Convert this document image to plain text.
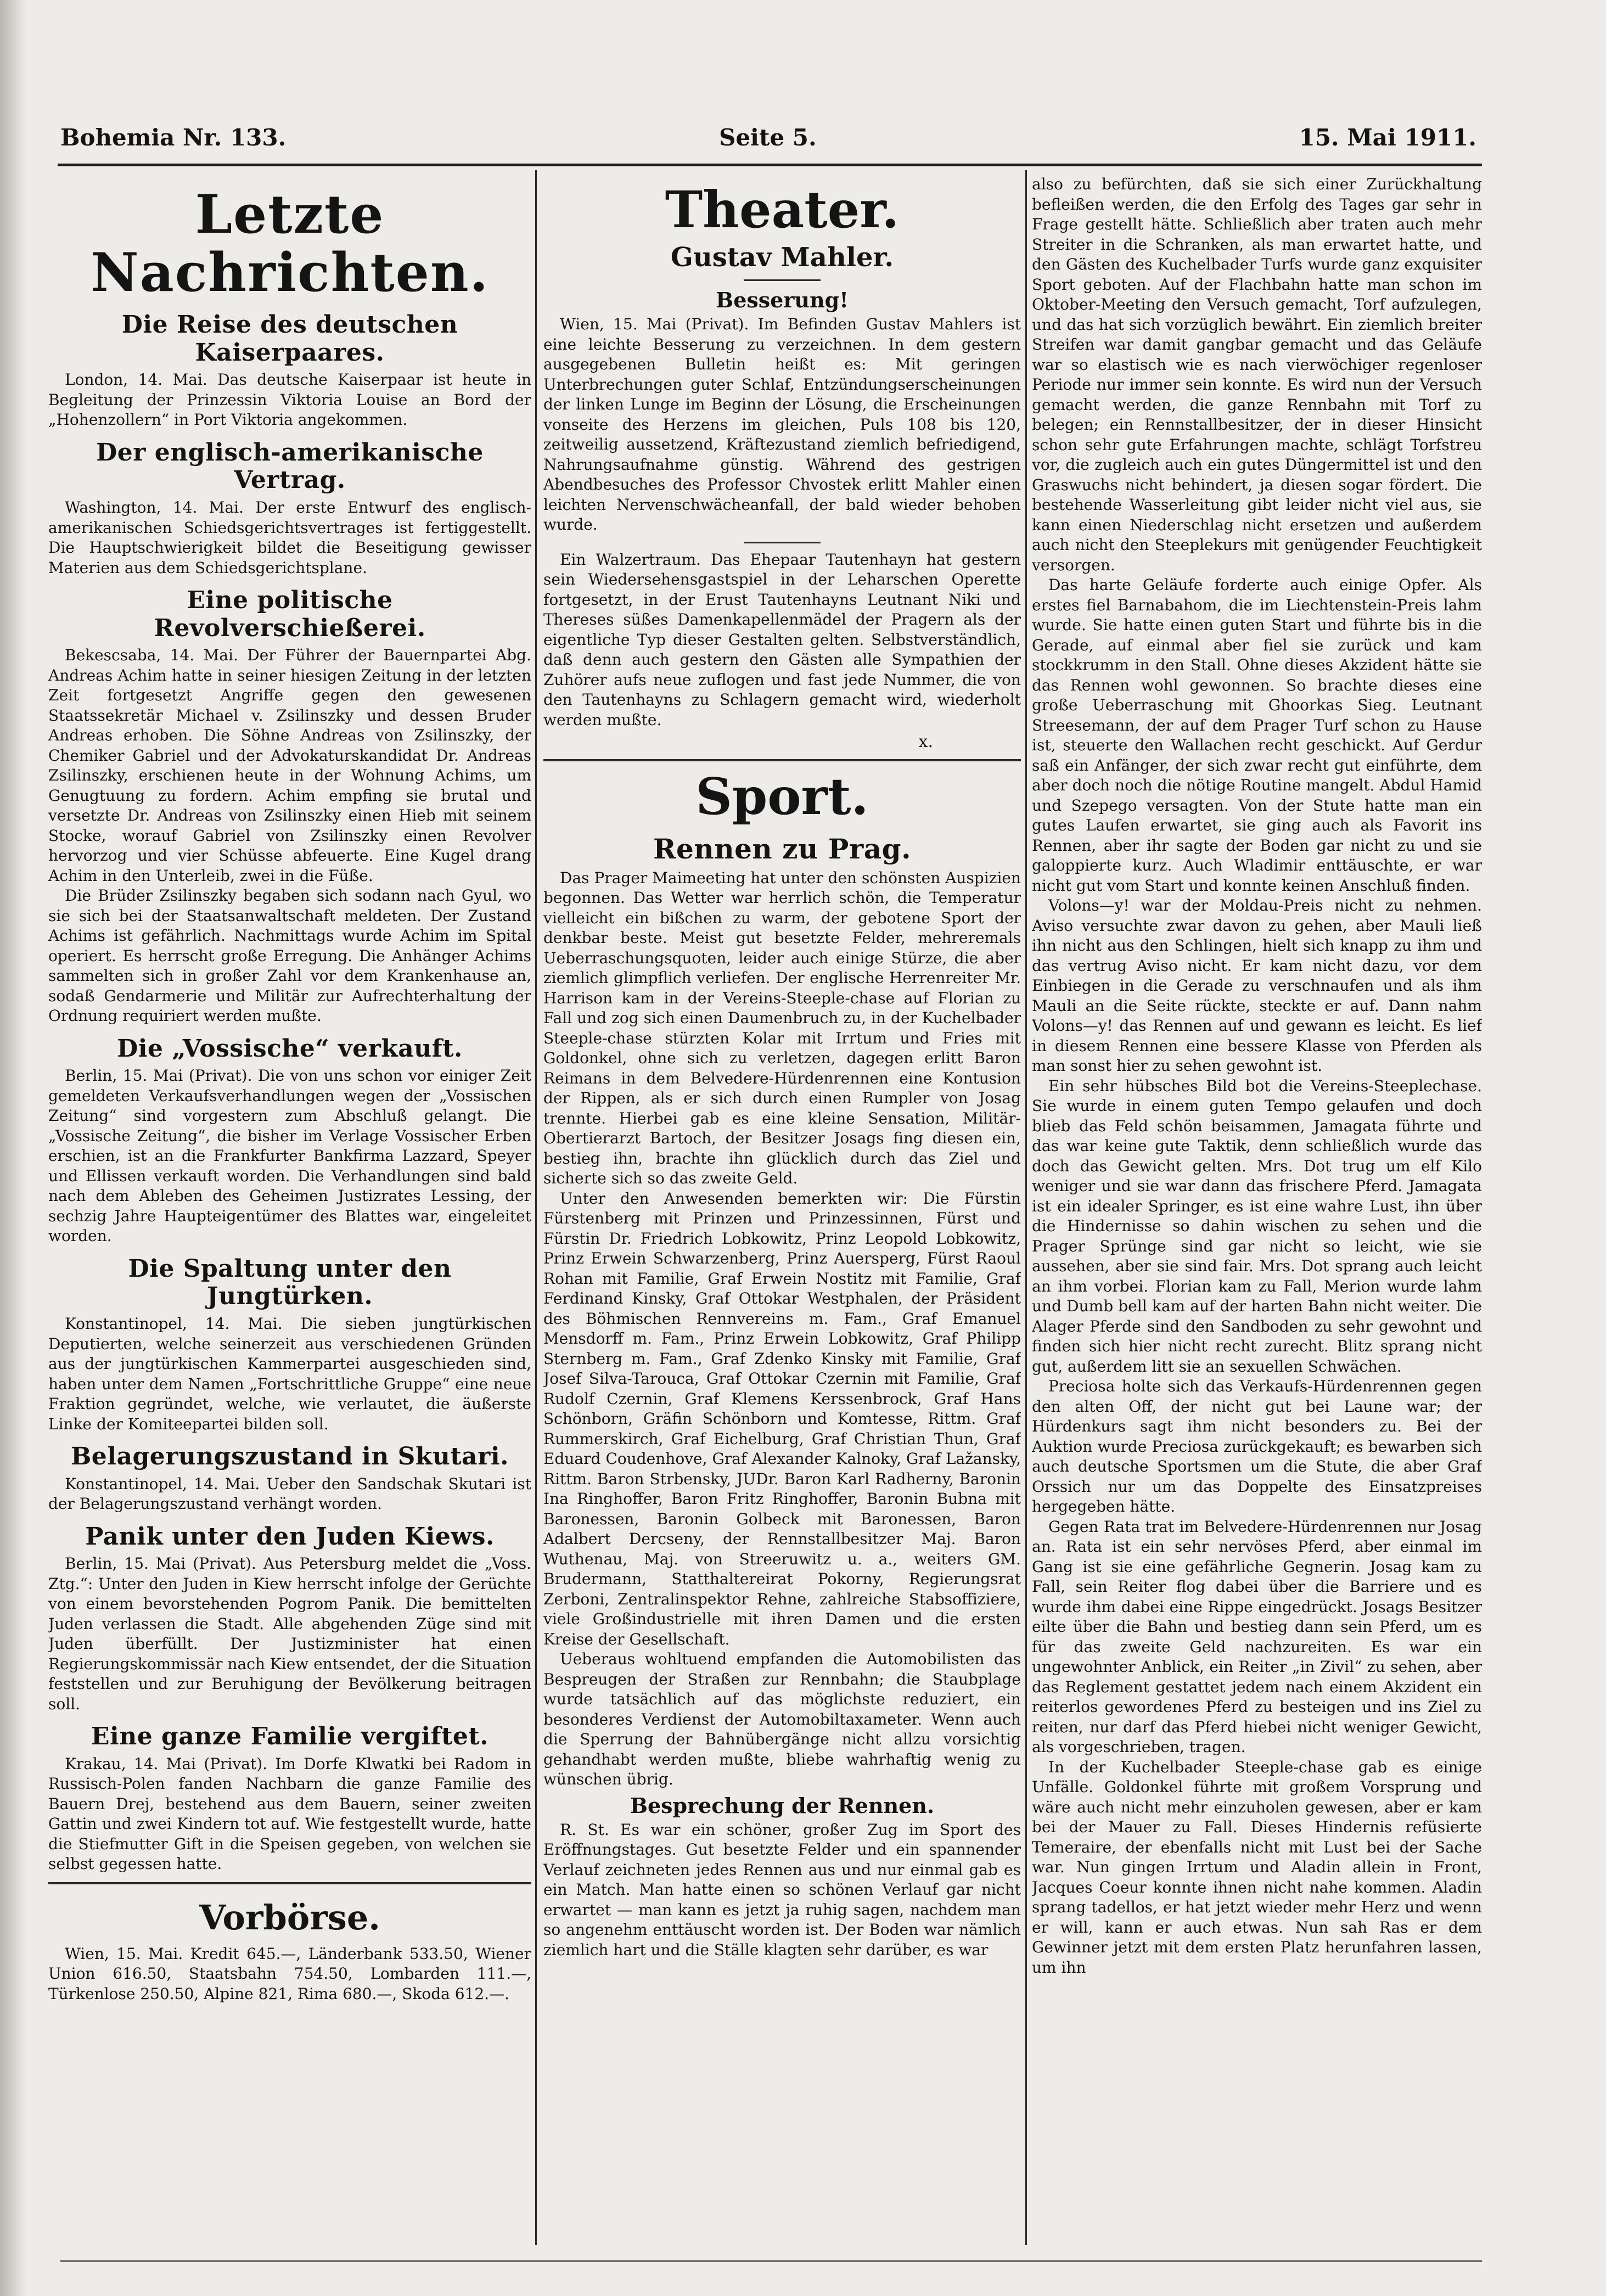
Bohemia Nr. 133.	Seite 5.	15. Mai 1911.
Letzte Nachrichten.
Die Reise des deutschen Kaiserpaares.

London, 14. Mai. Das deutsche Kaiserpaar ist heute in Begleitung der Prinzessin Viktoria Louise an Bord der „Hohenzollern“ in Port Viktoria angekommen.

Der englisch-amerikanische Vertrag.

Washington, 14. Mai. Der erste Entwurf des englisch-amerikanischen Schiedsgerichtsvertrages ist fertiggestellt. Die Hauptschwierigkeit bildet die Beseitigung gewisser Materien aus dem Schiedsgerichtsplane.

Eine politische Revolverschießerei.

Bekescsaba, 14. Mai. Der Führer der Bauernpartei Abg. Andreas Achim hatte in seiner hiesigen Zeitung in der letzten Zeit fortgesetzt Angriffe gegen den gewesenen Staatssekretär Michael v. Zsilinszky und dessen Bruder Andreas erhoben. Die Söhne Andreas von Zsilinszky, der Chemiker Gabriel und der Advokaturskandidat Dr. Andreas Zsilinszky, erschienen heute in der Wohnung Achims, um Genugtuung zu fordern. Achim empfing sie brutal und versetzte Dr. Andreas von Zsilinszky einen Hieb mit seinem Stocke, worauf Gabriel von Zsilinszky einen Revolver hervorzog und vier Schüsse abfeuerte. Eine Kugel drang Achim in den Unterleib, zwei in die Füße.

Die Brüder Zsilinszky begaben sich sodann nach Gyul, wo sie sich bei der Staatsanwaltschaft meldeten. Der Zustand Achims ist gefährlich. Nachmittags wurde Achim im Spital operiert. Es herrscht große Erregung. Die Anhänger Achims sammelten sich in großer Zahl vor dem Krankenhause an, sodaß Gendarmerie und Militär zur Aufrechterhaltung der Ordnung requiriert werden mußte.

Die „Vossische“ verkauft.

Berlin, 15. Mai (Privat). Die von uns schon vor einiger Zeit gemeldeten Verkaufsverhandlungen wegen der „Vossischen Zeitung“ sind vorgestern zum Abschluß gelangt. Die „Vossische Zeitung“, die bisher im Verlage Vossischer Erben erschien, ist an die Frankfurter Bankfirma Lazzard, Speyer und Ellissen verkauft worden. Die Verhandlungen sind bald nach dem Ableben des Geheimen Justizrates Lessing, der sechzig Jahre Haupteigentümer des Blattes war, eingeleitet worden.

Die Spaltung unter den Jungtürken.

Konstantinopel, 14. Mai. Die sieben jungtürkischen Deputierten, welche seinerzeit aus verschiedenen Gründen aus der jungtürkischen Kammerpartei ausgeschieden sind, haben unter dem Namen „Fortschrittliche Gruppe“ eine neue Fraktion gegründet, welche, wie verlautet, die äußerste Linke der Komiteepartei bilden soll.

Belagerungszustand in Skutari.

Konstantinopel, 14. Mai. Ueber den Sandschak Skutari ist der Belagerungszustand verhängt worden.

Panik unter den Juden Kiews.

Berlin, 15. Mai (Privat). Aus Petersburg meldet die „Voss. Ztg.“: Unter den Juden in Kiew herrscht infolge der Gerüchte von einem bevorstehenden Pogrom Panik. Die bemittelten Juden verlassen die Stadt. Alle abgehenden Züge sind mit Juden überfüllt. Der Justizminister hat einen Regierungskommissär nach Kiew entsendet, der die Situation feststellen und zur Beruhigung der Bevölkerung beitragen soll.

Eine ganze Familie vergiftet.

Krakau, 14. Mai (Privat). Im Dorfe Klwatki bei Radom in Russisch-Polen fanden Nachbarn die ganze Familie des Bauern Drej, bestehend aus dem Bauern, seiner zweiten Gattin und zwei Kindern tot auf. Wie festgestellt wurde, hatte die Stiefmutter Gift in die Speisen gegeben, von welchen sie selbst gegessen hatte.

Vorbörse.

Wien, 15. Mai. Kredit 645.—, Länderbank 533.50, Wiener Union 616.50, Staatsbahn 754.50, Lombarden 111.—, Türkenlose 250.50, Alpine 821, Rima 680.—, Skoda 612.—.

Theater.
Gustav Mahler.
Besserung!

Wien, 15. Mai (Privat). Im Befinden Gustav Mahlers ist eine leichte Besserung zu verzeichnen. In dem gestern ausgegebenen Bulletin heißt es: Mit geringen Unterbrechungen guter Schlaf, Entzündungserscheinungen der linken Lunge im Beginn der Lösung, die Erscheinungen vonseite des Herzens im gleichen, Puls 108 bis 120, zeitweilig aussetzend, Kräftezustand ziemlich befriedigend, Nahrungsaufnahme günstig. Während des gestrigen Abendbesuches des Professor Chvostek erlitt Mahler einen leichten Nervenschwächeanfall, der bald wieder behoben wurde.

Ein Walzertraum. Das Ehepaar Tautenhayn hat gestern sein Wiedersehensgastspiel in der Leharschen Operette fortgesetzt, in der Erust Tautenhayns Leutnant Niki und Thereses süßes Damenkapellenmädel der Pragern als der eigentliche Typ dieser Gestalten gelten. Selbstverständlich, daß denn auch gestern den Gästen alle Sympathien der Zuhörer aufs neue zuflogen und fast jede Nummer, die von den Tautenhayns zu Schlagern gemacht wird, wiederholt werden mußte.

x.
Sport.
Rennen zu Prag.

Das Prager Maimeeting hat unter den schönsten Auspizien begonnen. Das Wetter war herrlich schön, die Temperatur vielleicht ein bißchen zu warm, der gebotene Sport der denkbar beste. Meist gut besetzte Felder, mehreremals Ueberraschungsquoten, leider auch einige Stürze, die aber ziemlich glimpflich verliefen. Der englische Herrenreiter Mr. Harrison kam in der Vereins-Steeple-chase auf Florian zu Fall und zog sich einen Daumenbruch zu, in der Kuchelbader Steeple-chase stürzten Kolar mit Irrtum und Fries mit Goldonkel, ohne sich zu verletzen, dagegen erlitt Baron Reimans in dem Belvedere-Hürdenrennen eine Kontusion der Rippen, als er sich durch einen Rumpler von Josag trennte. Hierbei gab es eine kleine Sensation, Militär-Obertierarzt Bartoch, der Besitzer Josags fing diesen ein, bestieg ihn, brachte ihn glücklich durch das Ziel und sicherte sich so das zweite Geld.

Unter den Anwesenden bemerkten wir: Die Fürstin Fürstenberg mit Prinzen und Prinzessinnen, Fürst und Fürstin Dr. Friedrich Lobkowitz, Prinz Leopold Lobkowitz, Prinz Erwein Schwarzenberg, Prinz Auersperg, Fürst Raoul Rohan mit Familie, Graf Erwein Nostitz mit Familie, Graf Ferdinand Kinsky, Graf Ottokar Westphalen, der Präsident des Böhmischen Rennvereins m. Fam., Graf Emanuel Mensdorff m. Fam., Prinz Erwein Lobkowitz, Graf Philipp Sternberg m. Fam., Graf Zdenko Kinsky mit Familie, Graf Josef Silva-Tarouca, Graf Ottokar Czernin mit Familie, Graf Rudolf Czernin, Graf Klemens Kerssenbrock, Graf Hans Schönborn, Gräfin Schönborn und Komtesse, Rittm. Graf Rummerskirch, Graf Eichelburg, Graf Christian Thun, Graf Eduard Coudenhove, Graf Alexander Kalnoky, Graf Lažansky, Rittm. Baron Strbensky, JUDr. Baron Karl Radherny, Baronin Ina Ringhoffer, Baron Fritz Ringhoffer, Baronin Bubna mit Baronessen, Baronin Golbeck mit Baronessen, Baron Adalbert Dercseny, der Rennstallbesitzer Maj. Baron Wuthenau, Maj. von Streeruwitz u. a., weiters GM. Brudermann, Statthaltereirat Pokorny, Regierungsrat Zerboni, Zentralinspektor Rehne, zahlreiche Stabsoffiziere, viele Großindustrielle mit ihren Damen und die ersten Kreise der Gesellschaft.

Ueberaus wohltuend empfanden die Automobilisten das Bespreugen der Straßen zur Rennbahn; die Staubplage wurde tatsächlich auf das möglichste reduziert, ein besonderes Verdienst der Automobiltaxameter. Wenn auch die Sperrung der Bahnübergänge nicht allzu vorsichtig gehandhabt werden mußte, bliebe wahrhaftig wenig zu wünschen übrig.

Besprechung der Rennen.

R. St. Es war ein schöner, großer Zug im Sport des Eröffnungstages. Gut besetzte Felder und ein spannender Verlauf zeichneten jedes Rennen aus und nur einmal gab es ein Match. Man hatte einen so schönen Verlauf gar nicht erwartet — man kann es jetzt ja ruhig sagen, nachdem man so angenehm enttäuscht worden ist. Der Boden war nämlich ziemlich hart und die Ställe klagten sehr darüber, es war

also zu befürchten, daß sie sich einer Zurückhaltung befleißen werden, die den Erfolg des Tages gar sehr in Frage gestellt hätte. Schließlich aber traten auch mehr Streiter in die Schranken, als man erwartet hatte, und den Gästen des Kuchelbader Turfs wurde ganz exquisiter Sport geboten. Auf der Flachbahn hatte man schon im Oktober-Meeting den Versuch gemacht, Torf aufzulegen, und das hat sich vorzüglich bewährt. Ein ziemlich breiter Streifen war damit gangbar gemacht und das Geläufe war so elastisch wie es nach vierwöchiger regenloser Periode nur immer sein konnte. Es wird nun der Versuch gemacht werden, die ganze Rennbahn mit Torf zu belegen; ein Rennstallbesitzer, der in dieser Hinsicht schon sehr gute Erfahrungen machte, schlägt Torfstreu vor, die zugleich auch ein gutes Düngermittel ist und den Graswuchs nicht behindert, ja diesen sogar fördert. Die bestehende Wasserleitung gibt leider nicht viel aus, sie kann einen Niederschlag nicht ersetzen und außerdem auch nicht den Steeplekurs mit genügender Feuchtigkeit versorgen.

Das harte Geläufe forderte auch einige Opfer. Als erstes fiel Barnabahom, die im Liechtenstein-Preis lahm wurde. Sie hatte einen guten Start und führte bis in die Gerade, auf einmal aber fiel sie zurück und kam stockkrumm in den Stall. Ohne dieses Akzident hätte sie das Rennen wohl gewonnen. So brachte dieses eine große Ueberraschung mit Ghoorkas Sieg. Leutnant Streesemann, der auf dem Prager Turf schon zu Hause ist, steuerte den Wallachen recht geschickt. Auf Gerdur saß ein Anfänger, der sich zwar recht gut einführte, dem aber doch noch die nötige Routine mangelt. Abdul Hamid und Szepego versagten. Von der Stute hatte man ein gutes Laufen erwartet, sie ging auch als Favorit ins Rennen, aber ihr sagte der Boden gar nicht zu und sie galoppierte kurz. Auch Wladimir enttäuschte, er war nicht gut vom Start und konnte keinen Anschluß finden.

Volons—y! war der Moldau-Preis nicht zu nehmen. Aviso versuchte zwar davon zu gehen, aber Mauli ließ ihn nicht aus den Schlingen, hielt sich knapp zu ihm und das vertrug Aviso nicht. Er kam nicht dazu, vor dem Einbiegen in die Gerade zu verschnaufen und als ihm Mauli an die Seite rückte, steckte er auf. Dann nahm Volons—y! das Rennen auf und gewann es leicht. Es lief in diesem Rennen eine bessere Klasse von Pferden als man sonst hier zu sehen gewohnt ist.

Ein sehr hübsches Bild bot die Vereins-Steeplechase. Sie wurde in einem guten Tempo gelaufen und doch blieb das Feld schön beisammen, Jamagata führte und das war keine gute Taktik, denn schließlich wurde das doch das Gewicht gelten. Mrs. Dot trug um elf Kilo weniger und sie war dann das frischere Pferd. Jamagata ist ein idealer Springer, es ist eine wahre Lust, ihn über die Hindernisse so dahin wischen zu sehen und die Prager Sprünge sind gar nicht so leicht, wie sie aussehen, aber sie sind fair. Mrs. Dot sprang auch leicht an ihm vorbei. Florian kam zu Fall, Merion wurde lahm und Dumb bell kam auf der harten Bahn nicht weiter. Die Alager Pferde sind den Sandboden zu sehr gewohnt und finden sich hier nicht recht zurecht. Blitz sprang nicht gut, außerdem litt sie an sexuellen Schwächen.

Preciosa holte sich das Verkaufs-Hürdenrennen gegen den alten Off, der nicht gut bei Laune war; der Hürdenkurs sagt ihm nicht besonders zu. Bei der Auktion wurde Preciosa zurückgekauft; es bewarben sich auch deutsche Sportsmen um die Stute, die aber Graf Orssich nur um das Doppelte des Einsatzpreises hergegeben hätte.

Gegen Rata trat im Belvedere-Hürdenrennen nur Josag an. Rata ist ein sehr nervöses Pferd, aber einmal im Gang ist sie eine gefährliche Gegnerin. Josag kam zu Fall, sein Reiter flog dabei über die Barriere und es wurde ihm dabei eine Rippe eingedrückt. Josags Besitzer eilte über die Bahn und bestieg dann sein Pferd, um es für das zweite Geld nachzureiten. Es war ein ungewohnter Anblick, ein Reiter „in Zivil“ zu sehen, aber das Reglement gestattet jedem nach einem Akzident ein reiterlos gewordenes Pferd zu besteigen und ins Ziel zu reiten, nur darf das Pferd hiebei nicht weniger Gewicht, als vorgeschrieben, tragen.

In der Kuchelbader Steeple-chase gab es einige Unfälle. Goldonkel führte mit großem Vorsprung und wäre auch nicht mehr einzuholen gewesen, aber er kam bei der Mauer zu Fall. Dieses Hindernis refüsierte Temeraire, der ebenfalls nicht mit Lust bei der Sache war. Nun gingen Irrtum und Aladin allein in Front, Jacques Coeur konnte ihnen nicht nahe kommen. Aladin sprang tadellos, er hat jetzt wieder mehr Herz und wenn er will, kann er auch etwas. Nun sah Ras er dem Gewinner jetzt mit dem ersten Platz herunfahren lassen, um ihn
